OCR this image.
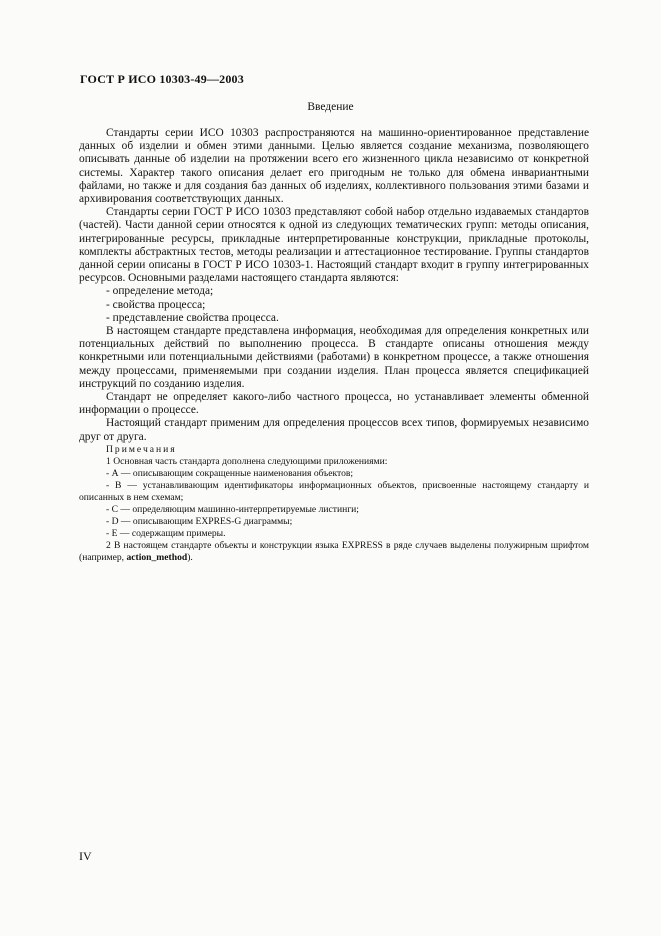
ГОСТ Р ИСО 10303-49—2003
Введение

Стандарты серии ИСО 10303 распространяются на машинно-ориентированное представление данных об изделии и обмен этими данными. Целью является создание механизма, позволяющего описывать данные об изделии на протяжении всего его жизненного цикла независимо от конкретной системы. Характер такого описания делает его пригодным не только для обмена инвариантными файлами, но также и для создания баз данных об изделиях, коллективного пользования этими базами и архивирования соответствующих данных.

Стандарты серии ГОСТ Р ИСО 10303 представляют собой набор отдельно издаваемых стандартов (частей). Части данной серии относятся к одной из следующих тематических групп: методы описания, интегрированные ресурсы, прикладные интерпретированные конструкции, прикладные протоколы, комплекты абстрактных тестов, методы реализации и аттестационное тестирование. Группы стандартов данной серии описаны в ГОСТ Р ИСО 10303-1. Настоящий стандарт входит в группу интегрированных ресурсов. Основными разделами настоящего стандарта являются:

- определение метода;

- свойства процесса;

- представление свойства процесса.

В настоящем стандарте представлена информация, необходимая для определения конкретных или потенциальных действий по выполнению процесса. В стандарте описаны отношения между конкретными или потенциальными действиями (работами) в конкретном процессе, а также отношения между процессами, применяемыми при создании изделия. План процесса является спецификацией инструкций по созданию изделия.

Стандарт не определяет какого-либо частного процесса, но устанавливает элементы обменной информации о процессе.

Настоящий стандарт применим для определения процессов всех типов, формируемых независимо друг от друга.

Примечания

1 Основная часть стандарта дополнена следующими приложениями:

- А — описывающим сокращенные наименования объектов;

- В — устанавливающим идентификаторы информационных объектов, присвоенные настоящему стандарту и описанных в нем схемам;

- С — определяющим машинно-интерпретируемые листинги;

- D — описывающим EXPRES-G диаграммы;

- Е — содержащим примеры.

2 В настоящем стандарте объекты и конструкции языка EXPRESS в ряде случаев выделены полужирным шрифтом (например, action_method).

IV
